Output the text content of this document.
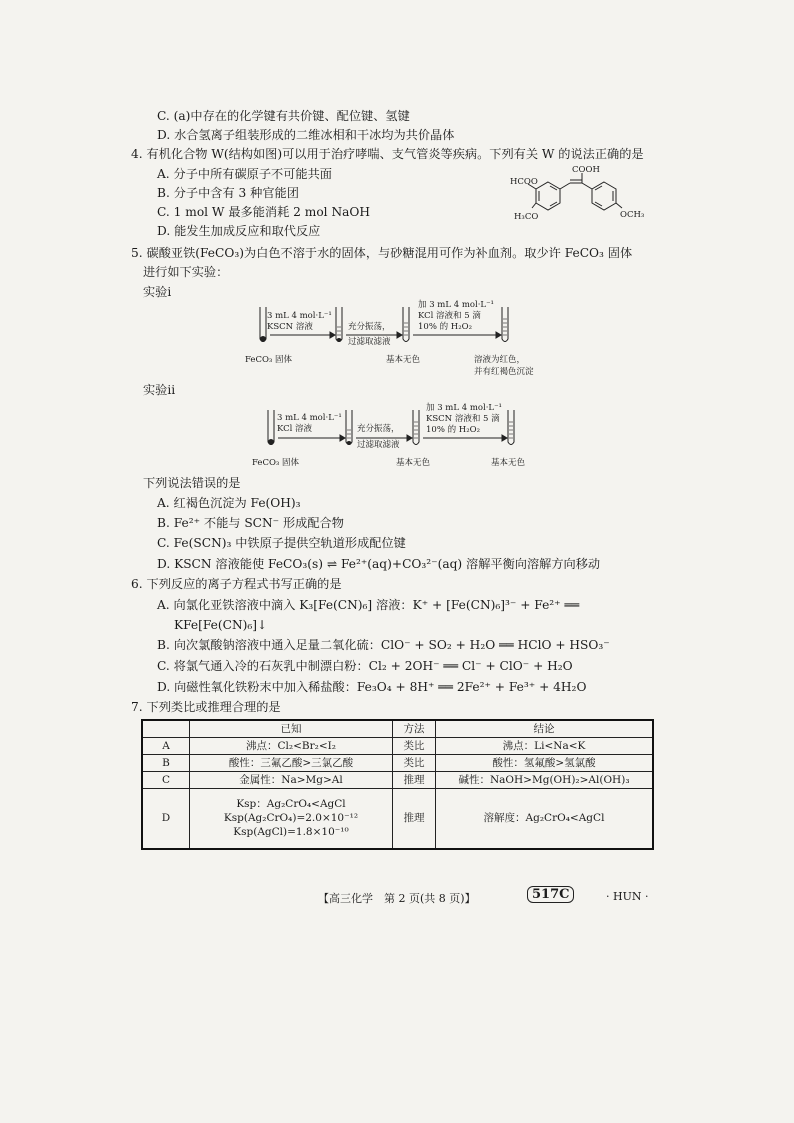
C. (a)中存在的化学键有共价键、配位键、氢键
D. 水合氢离子组装形成的二维冰相和干冰均为共价晶体
4. 有机化合物 W(结构如图)可以用于治疗哮喘、支气管炎等疾病。下列有关 W 的说法正确的是
A. 分子中所有碳原子不可能共面
B. 分子中含有 3 种官能团
C. 1 mol W 最多能消耗 2 mol NaOH
D. 能发生加成反应和取代反应
HCOO
H₃CO
COOH
OCH₃
5. 碳酸亚铁(FeCO₃)为白色不溶于水的固体，与砂糖混用可作为补血剂。取少许 FeCO₃ 固体
进行如下实验：
实验ⅰ
3 mL 4 mol·L⁻¹
KSCN 溶液	充分振荡，
过滤取滤液
加 3 mL 4 mol·L⁻¹
KCl 溶液和 5 滴
10% 的 H₂O₂
FeCO₃ 固体	基本无色	溶液为红色，
并有红褐色沉淀
实验ⅱ
3 mL 4 mol·L⁻¹
KCl 溶液	充分振荡，
过滤取滤液
加 3 mL 4 mol·L⁻¹
KSCN 溶液和 5 滴
10% 的 H₂O₂
FeCO₃ 固体	基本无色	基本无色
下列说法错误的是
A. 红褐色沉淀为 Fe(OH)₃
B. Fe²⁺ 不能与 SCN⁻ 形成配合物
C. Fe(SCN)₃ 中铁原子提供空轨道形成配位键
D. KSCN 溶液能使 FeCO₃(s) ⇌ Fe²⁺(aq)+CO₃²⁻(aq) 溶解平衡向溶解方向移动
6. 下列反应的离子方程式书写正确的是
A. 向氯化亚铁溶液中滴入 K₃[Fe(CN)₆] 溶液：K⁺ + [Fe(CN)₆]³⁻ + Fe²⁺ ══
KFe[Fe(CN)₆]↓
B. 向次氯酸钠溶液中通入足量二氧化硫：ClO⁻ + SO₂ + H₂O ══ HClO + HSO₃⁻
C. 将氯气通入冷的石灰乳中制漂白粉：Cl₂ + 2OH⁻ ══ Cl⁻ + ClO⁻ + H₂O
D. 向磁性氧化铁粉末中加入稀盐酸：Fe₃O₄ + 8H⁺ ══ 2Fe²⁺ + Fe³⁺ + 4H₂O
7. 下列类比或推理合理的是
	已知	方法	结论
A	沸点：Cl₂<Br₂<I₂	类比	沸点：Li<Na<K
B	酸性：三氟乙酸>三氯乙酸	类比	酸性：氢氟酸>氢氯酸
C	金属性：Na>Mg>Al	推理	碱性：NaOH>Mg(OH)₂>Al(OH)₃
D	Ksp：Ag₂CrO₄<AgCl
Ksp(Ag₂CrO₄)=2.0×10⁻¹²
Ksp(AgCl)=1.8×10⁻¹⁰	推理	溶解度：Ag₂CrO₄<AgCl
【高三化学　第 2 页(共 8 页)】	517C	· HUN ·
